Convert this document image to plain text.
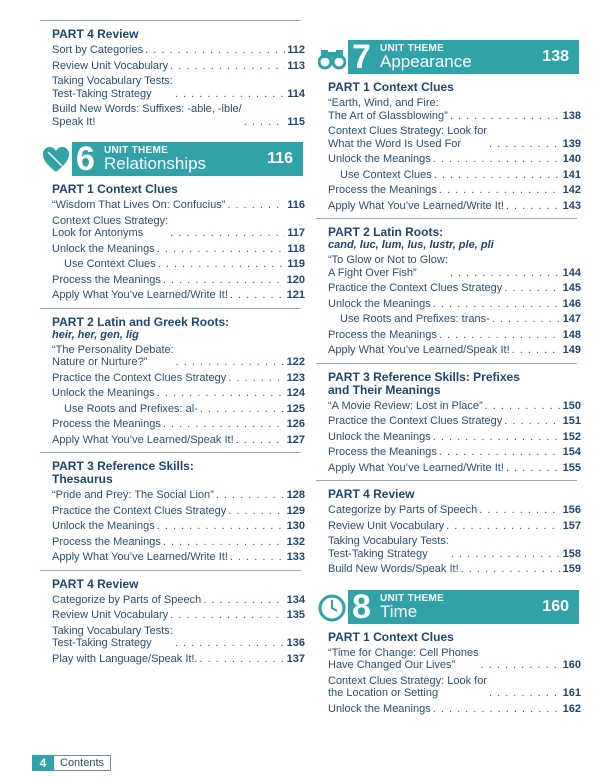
PART 4 Review
Sort by Categories . . .	112
Review Unit Vocabulary . . .	113
Taking Vocabulary Tests:
Test-Taking Strategy . . .	114
Build New Words: Suffixes: -able, -ible/
Speak It! . . .	115
6 UNIT THEME
Relationships	116
PART 1 Context Clues
“Wisdom That Lives On: Confucius” . . .	116
Context Clues Strategy:
Look for Antonyms . . .	117
Unlock the Meanings . . .	118
Use Context Clues . . .	119
Process the Meanings . . .	120
Apply What You’ve Learned/Write It! . . .	121
PART 2 Latin and Greek Roots:
heir, her, gen, lig
“The Personality Debate:
Nature or Nurture?” . . .	122
Practice the Context Clues Strategy . . .	123
Unlock the Meanings . . .	124
Use Roots and Prefixes: al- . . .	125
Process the Meanings . . .	126
Apply What You’ve Learned/Speak It! . . .	127
PART 3 Reference Skills:
Thesaurus
“Pride and Prey: The Social Lion” . . .	128
Practice the Context Clues Strategy . . .	129
Unlock the Meanings . . .	130
Process the Meanings . . .	132
Apply What You’ve Learned/Write It! . . .	133
PART 4 Review
Categorize by Parts of Speech . . .	134
Review Unit Vocabulary . . .	135
Taking Vocabulary Tests:
Test-Taking Strategy . . .	136
Play with Language/Speak It!. . . .	137
7 UNIT THEME
Appearance	138
PART 1 Context Clues
“Earth, Wind, and Fire:
The Art of Glassblowing” . . .	138
Context Clues Strategy: Look for
What the Word Is Used For . . .	139
Unlock the Meanings . . .	140
Use Context Clues . . .	141
Process the Meanings . . .	142
Apply What You’ve Learned/Write It! . . .	143
PART 2 Latin Roots:
cand, luc, lum, lus, lustr, ple, pli
“To Glow or Not to Glow:
A Fight Over Fish” . . .	144
Practice the Context Clues Strategy . . .	145
Unlock the Meanings . . .	146
Use Roots and Prefixes: trans- . . .	147
Process the Meanings . . .	148
Apply What You’ve Learned/Speak It! . . .	149
PART 3 Reference Skills: Prefixes
and Their Meanings
“A Movie Review: Lost in Place” . . .	150
Practice the Context Clues Strategy . . .	151
Unlock the Meanings . . .	152
Process the Meanings . . .	154
Apply What You’ve Learned/Write It! . . .	155
PART 4 Review
Categorize by Parts of Speech . . .	156
Review Unit Vocabulary . . .	157
Taking Vocabulary Tests:
Test-Taking Strategy . . .	158
Build New Words/Speak It! . . .	159
8 UNIT THEME
Time	160
PART 1 Context Clues
“Time for Change: Cell Phones
Have Changed Our Lives” . . .	160
Context Clues Strategy: Look for
the Location or Setting . . .	161
Unlock the Meanings . . .	162
4	Contents
